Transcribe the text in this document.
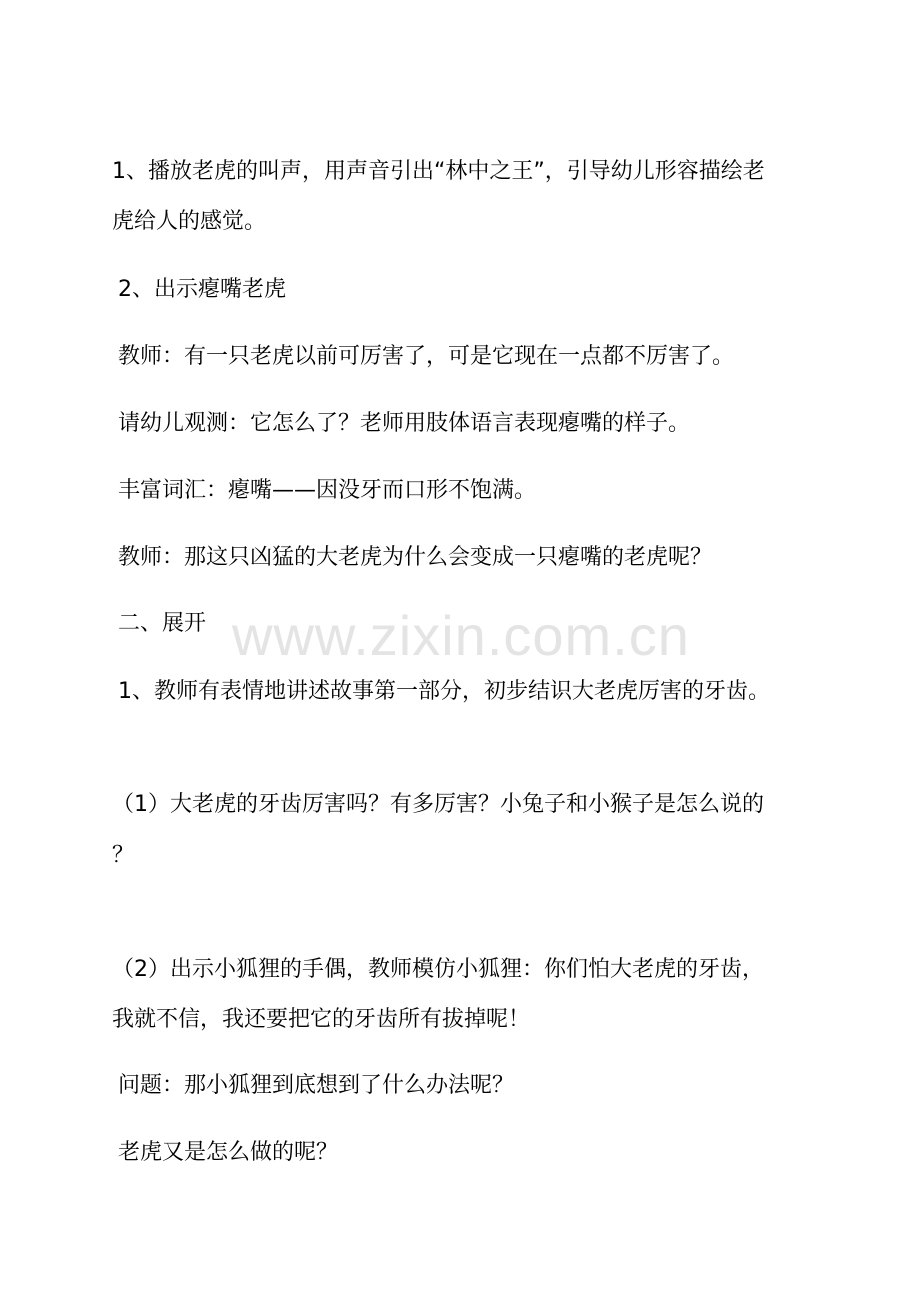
www.zixin.com.cn
1、播放老虎的叫声，用声音引出“林中之王”，引导幼儿形容描绘老
虎给人的感觉。
2、出示瘪嘴老虎
教师：有一只老虎以前可厉害了，可是它现在一点都不厉害了。
请幼儿观测：它怎么了？老师用肢体语言表现瘪嘴的样子。
丰富词汇：瘪嘴——因没牙而口形不饱满。
教师：那这只凶猛的大老虎为什么会变成一只瘪嘴的老虎呢？
二、展开
1、教师有表情地讲述故事第一部分，初步结识大老虎厉害的牙齿。
（1）大老虎的牙齿厉害吗？有多厉害？小兔子和小猴子是怎么说的
？
（2）出示小狐狸的手偶，教师模仿小狐狸：你们怕大老虎的牙齿，
我就不信，我还要把它的牙齿所有拔掉呢！
问题：那小狐狸到底想到了什么办法呢？
老虎又是怎么做的呢？
